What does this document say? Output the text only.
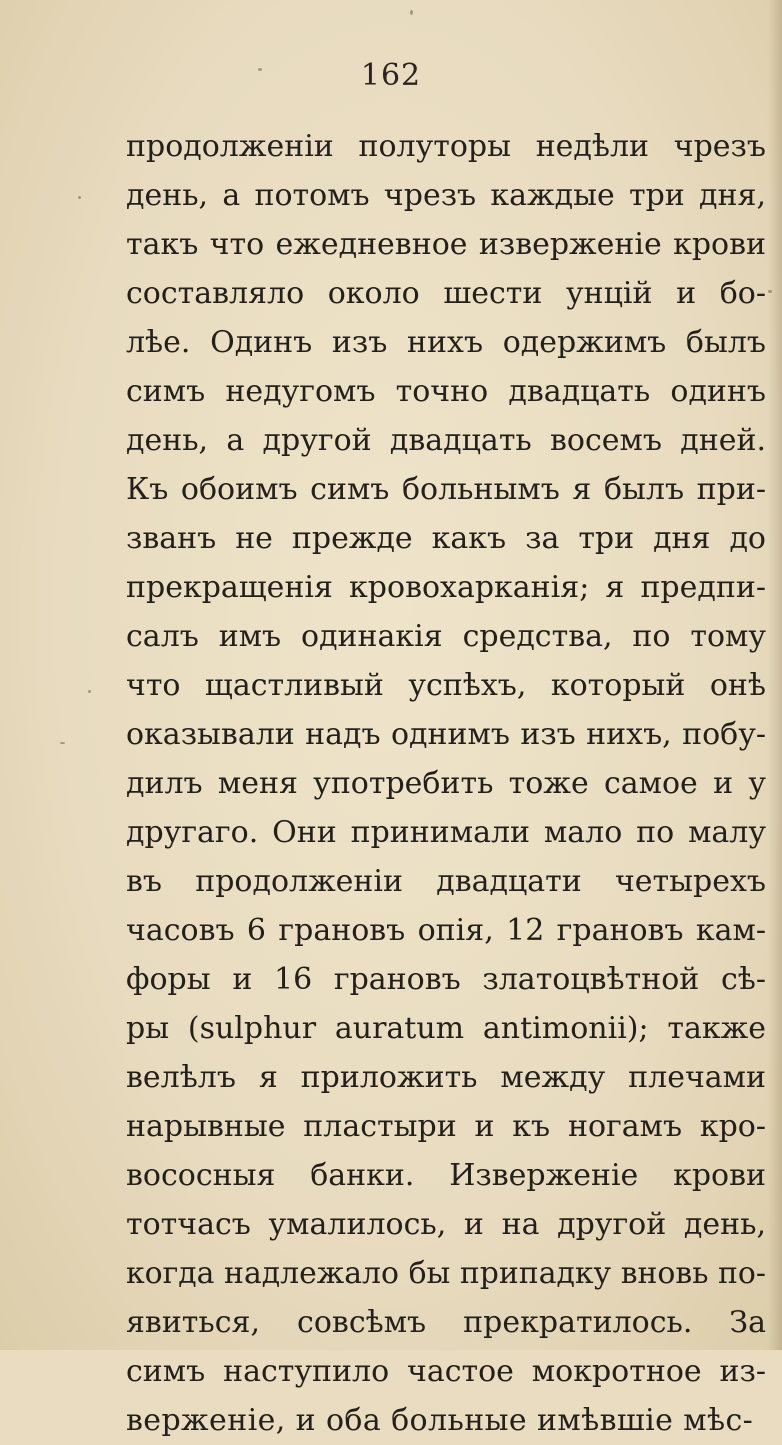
162
продолженіи полуторы недѣли чрезъ
день, а потомъ чрезъ каждые три дня,
такъ что ежедневное изверженіе крови
составляло около шести унцій и бо-
лѣе. Одинъ изъ нихъ одержимъ былъ
симъ недугомъ точно двадцать одинъ
день, а другой двадцать восемъ дней.
Къ обоимъ симъ больнымъ я былъ при-
званъ не прежде какъ за три дня до
прекращенія кровохарканія; я предпи-
салъ имъ одинакія средства, по тому
что щастливый успѣхъ, который онѣ
оказывали надъ однимъ изъ нихъ, побу-
дилъ меня употребить тоже самое и у
другаго. Они принимали мало по малу
въ продолженіи двадцати четырехъ
часовъ 6 грановъ опія, 12 грановъ кам-
форы и 16 грановъ златоцвѣтной сѣ-
ры (sulphur auratum antimonii); также
велѣлъ я приложить между плечами
нарывные пластыри и къ ногамъ кро-
вососныя банки. Изверженіе крови
тотчасъ умалилось, и на другой день,
когда надлежало бы припадку вновь по-
явиться, совсѣмъ прекратилось. За
симъ наступило частое мокротное из-
верженіе, и оба больные имѣвшіе мѣс-
